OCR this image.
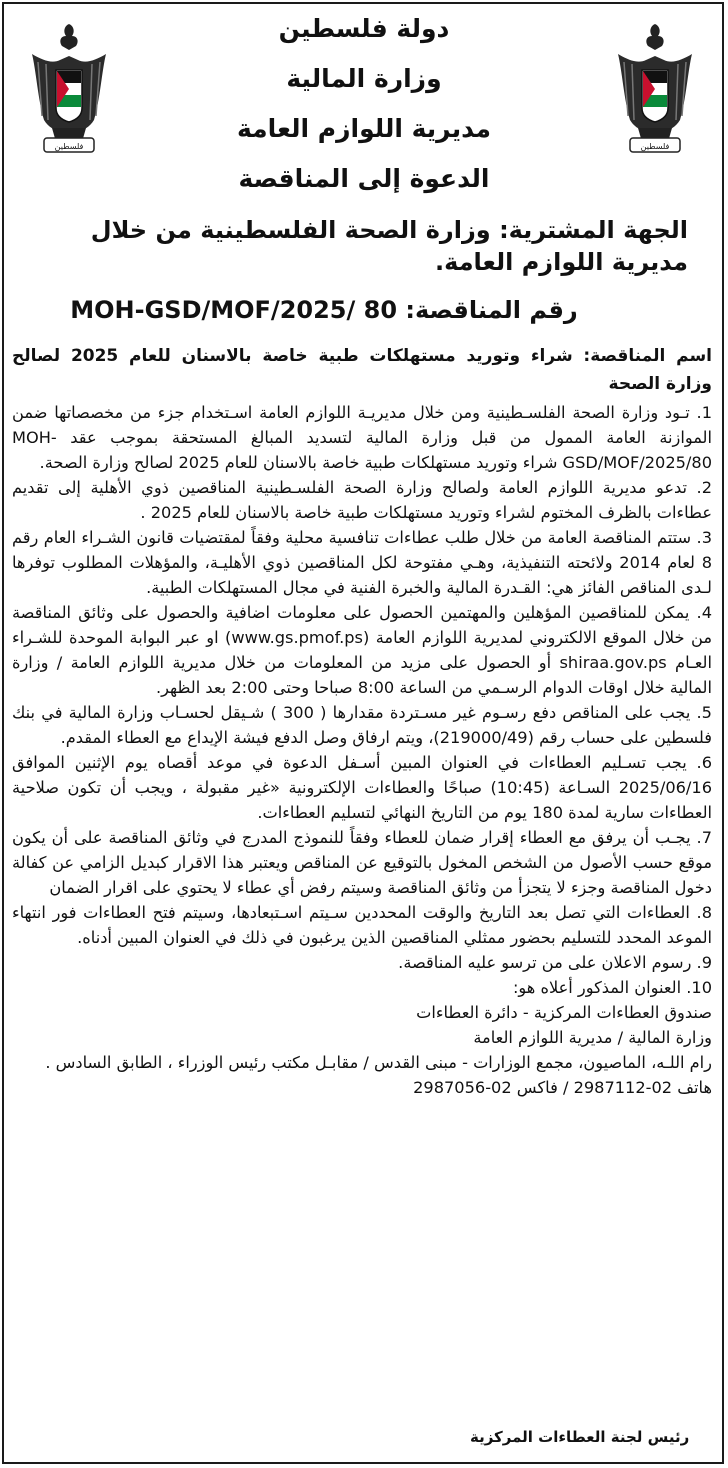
فلسطين
فلسطين
دولة فلسطين
وزارة المالية
مديرية اللوازم العامة
الدعوة إلى المناقصة
الجهة المشترية: وزارة الصحة الفلسطينية من خلال مديرية اللوازم العامة.
رقم المناقصة: MOH-GSD/MOF/2025/ 80
اسم المناقصة: شراء وتوريد مستهلكات طبية خاصة بالاسنان للعام 2025 لصالح وزارة الصحة

1. تـود وزارة الصحة الفلسـطينية ومن خلال مديريـة اللوازم العامة اسـتخدام جزء من مخصصاتها ضمن الموازنة العامة الممول من قبل وزارة المالية لتسديد المبالغ المستحقة بموجب عقد MOH-GSD/MOF/2025/80 شراء وتوريد مستهلكات طبية خاصة بالاسنان للعام 2025 لصالح وزارة الصحة.

2. تدعو مديرية اللوازم العامة ولصالح وزارة الصحة الفلسـطينية المناقصين ذوي الأهلية إلى تقديم عطاءات بالظرف المختوم لشراء وتوريد مستهلكات طبية خاصة بالاسنان للعام 2025 .

3. ستتم المناقصة العامة من خلال طلب عطاءات تنافسية محلية وفقاً لمقتضيات قانون الشـراء العام رقم 8 لعام 2014 ولائحته التنفيذية، وهـي مفتوحة لكل المناقصين ذوي الأهليـة، والمؤهلات المطلوب توفرها لـدى المناقص الفائز هي: القـدرة المالية والخبرة الفنية في مجال المستهلكات الطبية.

4. يمكن للمناقصين المؤهلين والمهتمين الحصول على معلومات اضافية والحصول على وثائق المناقصة من خلال الموقع الالكتروني لمديرية اللوازم العامة (www.gs.pmof.ps) او عبر البوابة الموحدة للشـراء العـام shiraa.gov.ps أو الحصول على مزيد من المعلومات من خلال مديرية اللوازم العامة / وزارة المالية خلال اوقات الدوام الرسـمي من الساعة 8:00 صباحا وحتى 2:00 بعد الظهر.

5. يجب على المناقص دفع رسـوم غير مسـتردة مقدارها ( 300 ) شـيقل لحسـاب وزارة المالية في بنك فلسطين على حساب رقم (219000/49)، ويتم ارفاق وصل الدفع فيشة الإيداع مع العطاء المقدم.

6. يجب تسـليم العطاءات في العنوان المبين أسـفل الدعوة في موعد أقصاه يوم الإثنين الموافق 2025/06/16 السـاعة (10:45) صباحًا والعطاءات الإلكترونية «غير مقبولة ، ويجب أن تكون صلاحية العطاءات سارية لمدة 180 يوم من التاريخ النهائي لتسليم العطاءات.

7. يجـب أن يرفق مع العطاء إقرار ضمان للعطاء وفقاً للنموذج المدرج في وثائق المناقصة على أن يكون موقع حسب الأصول من الشخص المخول بالتوقيع عن المناقص ويعتبر هذا الاقرار كبديل الزامي عن كفالة دخول المناقصة وجزء لا يتجزأ من وثائق المناقصة وسيتم رفض أي عطاء لا يحتوي على اقرار الضمان

8. العطاءات التي تصل بعد التاريخ والوقت المحددين سـيتم اسـتبعادها، وسيتم فتح العطاءات فور انتهاء الموعد المحدد للتسليم بحضور ممثلي المناقصين الذين يرغبون في ذلك في العنوان المبين أدناه.

9. رسوم الاعلان على من ترسو عليه المناقصة.

10. العنوان المذكور أعلاه هو:

صندوق العطاءات المركزية - دائرة العطاءات

وزارة المالية / مديرية اللوازم العامة

رام اللـه، الماصيون، مجمع الوزارات - مبنى القدس / مقابـل مكتب رئيس الوزراء ، الطابق السادس .

هاتف 02-2987112 / فاكس 02-2987056

رئيس لجنة العطاءات المركزية
